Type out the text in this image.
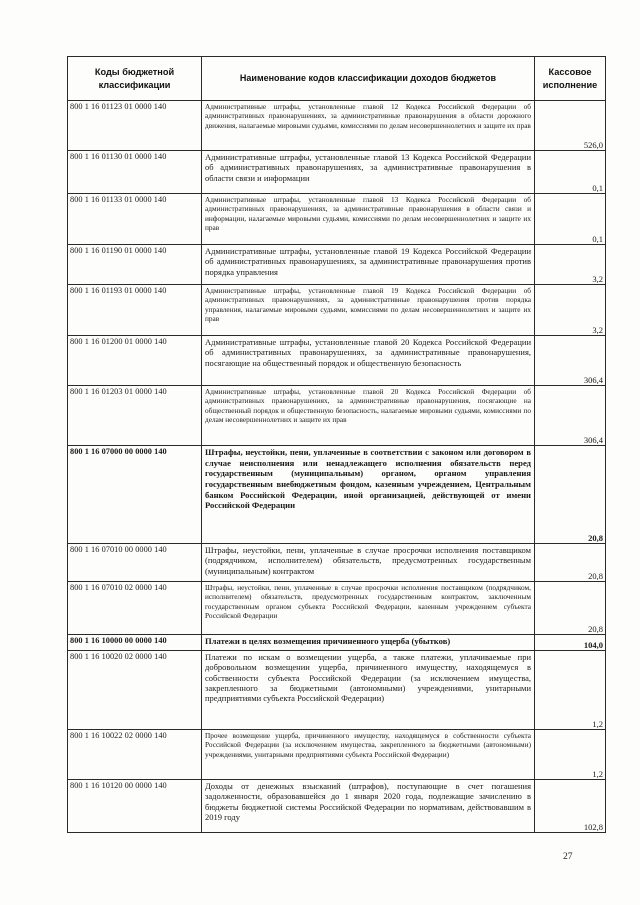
Коды бюджетной классификации	Наименование кодов классификации доходов бюджетов	Кассовое исполнение

800 1 16 01123 01 0000 140	Административные штрафы, установленные главой 12 Кодекса Российской Федерации об административных правонарушениях, за административные правонарушения в области дорожного движения, налагаемые мировыми судьями, комиссиями по делам несовершеннолетних и защите их прав	526,0

800 1 16 01130 01 0000 140	Административные штрафы, установленные главой 13 Кодекса Российской Федерации об административных правонарушениях, за административные правонарушения в области связи и информации	0,1

800 1 16 01133 01 0000 140	Административные штрафы, установленные главой 13 Кодекса Российской Федерации об административных правонарушениях, за административные правонарушения в области связи и информации, налагаемые мировыми судьями, комиссиями по делам несовершеннолетних и защите их прав	0,1

800 1 16 01190 01 0000 140	Административные штрафы, установленные главой 19 Кодекса Российской Федерации об административных правонарушениях, за административные правонарушения против порядка управления	3,2

800 1 16 01193 01 0000 140	Административные штрафы, установленные главой 19 Кодекса Российской Федерации об административных правонарушениях, за административные правонарушения против порядка управления, налагаемые мировыми судьями, комиссиями по делам несовершеннолетних и защите их прав	3,2

800 1 16 01200 01 0000 140	Административные штрафы, установленные главой 20 Кодекса Российской Федерации об административных правонарушениях, за административные правонарушения, посягающие на общественный порядок и общественную безопасность	306,4

800 1 16 01203 01 0000 140	Административные штрафы, установленные главой 20 Кодекса Российской Федерации об административных правонарушениях, за административные правонарушения, посягающие на общественный порядок и общественную безопасность, налагаемые мировыми судьями, комиссиями по делам несовершеннолетних и защите их прав	306,4

800 1 16 07000 00 0000 140	Штрафы, неустойки, пени, уплаченные в соответствии с законом или договором в случае неисполнения или ненадлежащего исполнения обязательств перед государственным (муниципальным) органом, органом управления государственным внебюджетным фондом, казенным учреждением, Центральным банком Российской Федерации, иной организацией, действующей от имени Российской Федерации	20,8

800 1 16 07010 00 0000 140	Штрафы, неустойки, пени, уплаченные в случае просрочки исполнения поставщиком (подрядчиком, исполнителем) обязательств, предусмотренных государственным (муниципальным) контрактом	20,8

800 1 16 07010 02 0000 140	Штрафы, неустойки, пени, уплаченные в случае просрочки исполнения поставщиком (подрядчиком, исполнителем) обязательств, предусмотренных государственным контрактом, заключенным государственным органом субъекта Российской Федерации, казенным учреждением субъекта Российской Федерации	20,8

800 1 16 10000 00 0000 140	Платежи в целях возмещения причиненного ущерба (убытков)	104,0

800 1 16 10020 02 0000 140	Платежи по искам о возмещении ущерба, а также платежи, уплачиваемые при добровольном возмещении ущерба, причиненного имуществу, находящемуся в собственности субъекта Российской Федерации (за исключением имущества, закрепленного за бюджетными (автономными) учреждениями, унитарными предприятиями субъекта Российской Федерации)	1,2

800 1 16 10022 02 0000 140	Прочее возмещение ущерба, причиненного имуществу, находящемуся в собственности субъекта Российской Федерации (за исключением имущества, закрепленного за бюджетными (автономными) учреждениями, унитарными предприятиями субъекта Российской Федерации)	1,2

800 1 16 10120 00 0000 140	Доходы от денежных взысканий (штрафов), поступающие в счет погашения задолженности, образовавшейся до 1 января 2020 года, подлежащие зачислению в бюджеты бюджетной системы Российской Федерации по нормативам, действовавшим в 2019 году	102,8
27
